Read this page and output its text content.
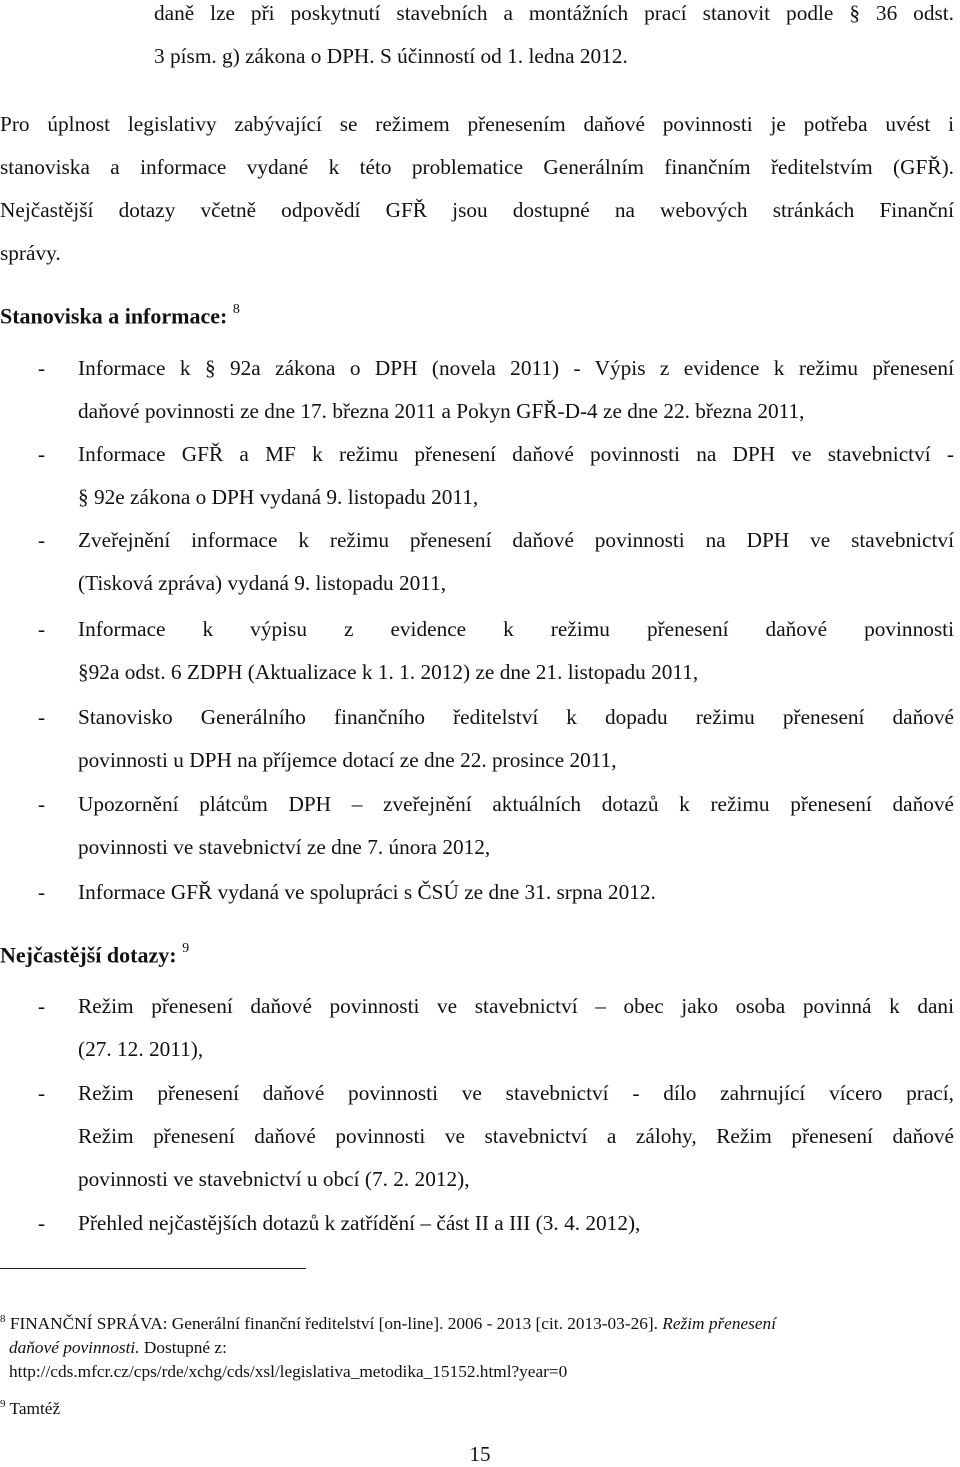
daně lze při poskytnutí stavebních a montážních prací stanovit podle § 36 odst.
3 písm. g) zákona o DPH. S účinností od 1. ledna 2012.
Pro úplnost legislativy zabývající se režimem přenesením daňové povinnosti je potřeba uvést i
stanoviska a informace vydané k této problematice Generálním finančním ředitelstvím (GFŘ).
Nejčastější dotazy včetně odpovědí GFŘ jsou dostupné na webových stránkách Finanční
správy.
Stanoviska a informace: $^8$
- Informace k § 92a zákona o DPH (novela 2011) - Výpis z evidence k režimu přenesení
daňové povinnosti ze dne 17. března 2011 a Pokyn GFŘ-D-4 ze dne 22. března 2011,
- Informace GFŘ a MF k režimu přenesení daňové povinnosti na DPH ve stavebnictví -
§ 92e zákona o DPH vydaná 9. listopadu 2011,
- Zveřejnění informace k režimu přenesení daňové povinnosti na DPH ve stavebnictví
(Tisková zpráva) vydaná 9. listopadu 2011,
- Informace k výpisu z evidence k režimu přenesení daňové povinnosti
§92a odst. 6 ZDPH (Aktualizace k 1. 1. 2012) ze dne 21. listopadu 2011,
- Stanovisko Generálního finančního ředitelství k dopadu režimu přenesení daňové
povinnosti u DPH na příjemce dotací ze dne 22. prosince 2011,
- Upozornění plátcům DPH – zveřejnění aktuálních dotazů k režimu přenesení daňové
povinnosti ve stavebnictví ze dne 7. února 2012,
- Informace GFŘ vydaná ve spolupráci s ČSÚ ze dne 31. srpna 2012.
Nejčastější dotazy: $^9$
- Režim přenesení daňové povinnosti ve stavebnictví – obec jako osoba povinná k dani
(27. 12. 2011),
- Režim přenesení daňové povinnosti ve stavebnictví - dílo zahrnující vícero prací,
Režim přenesení daňové povinnosti ve stavebnictví a zálohy, Režim přenesení daňové
povinnosti ve stavebnictví u obcí (7. 2. 2012),
- Přehled nejčastějších dotazů k zatřídění – část II a III (3. 4. 2012),
$^8$ FINANČNÍ SPRÁVA: Generální finanční ředitelství [on-line]. 2006 - 2013 [cit. 2013-03-26]. Režim přenesení
daňové povinnosti. Dostupné z:
http://cds.mfcr.cz/cps/rde/xchg/cds/xsl/legislativa_metodika_15152.html?year=0
$^9$ Tamtéž
15
